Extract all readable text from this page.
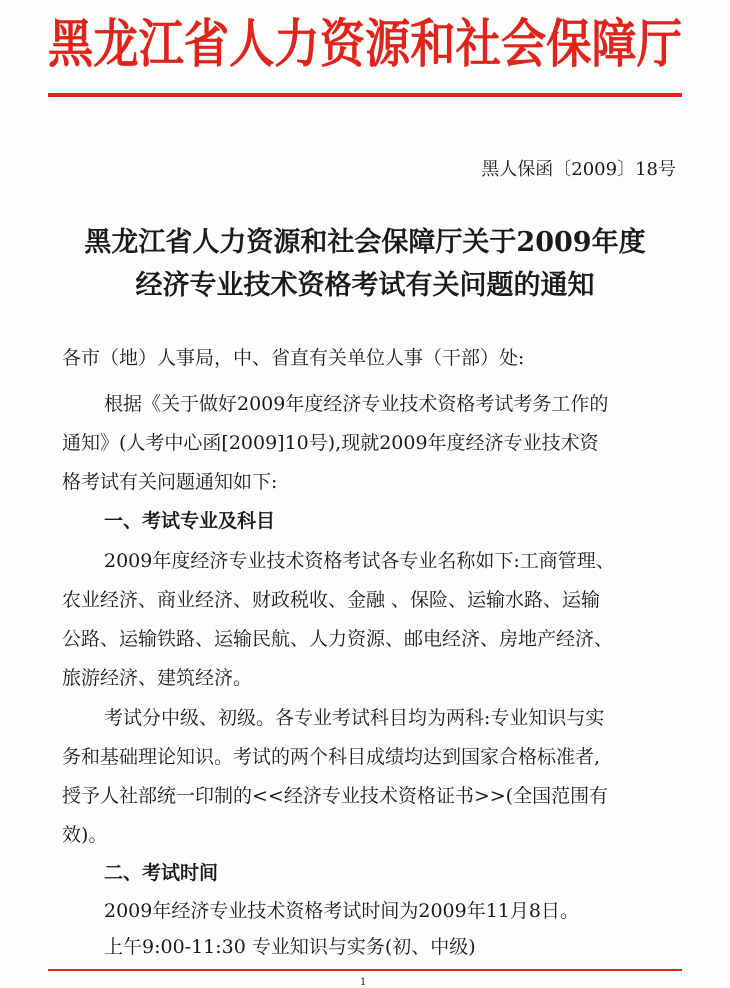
黑龙江省人力资源和社会保障厅
黑人保函〔2009〕18号
黑龙江省人力资源和社会保障厅关于2009年度
经济专业技术资格考试有关问题的通知
各市（地）人事局，中、省直有关单位人事（干部）处:
根据《关于做好2009年度经济专业技术资格考试考务工作的
通知》(人考中心函[2009]10号),现就2009年度经济专业技术资
格考试有关问题通知如下:
一、考试专业及科目
2009年度经济专业技术资格考试各专业名称如下:工商管理、
农业经济、商业经济、财政税收、金融 、保险、运输水路、运输
公路、运输铁路、运输民航、人力资源、邮电经济、房地产经济、
旅游经济、建筑经济。
考试分中级、初级。各专业考试科目均为两科:专业知识与实
务和基础理论知识。考试的两个科目成绩均达到国家合格标准者,
授予人社部统一印制的<<经济专业技术资格证书>>(全国范围有
效)。
二、考试时间
2009年经济专业技术资格考试时间为2009年11月8日。
上午9:00-11:30 专业知识与实务(初、中级)
1
